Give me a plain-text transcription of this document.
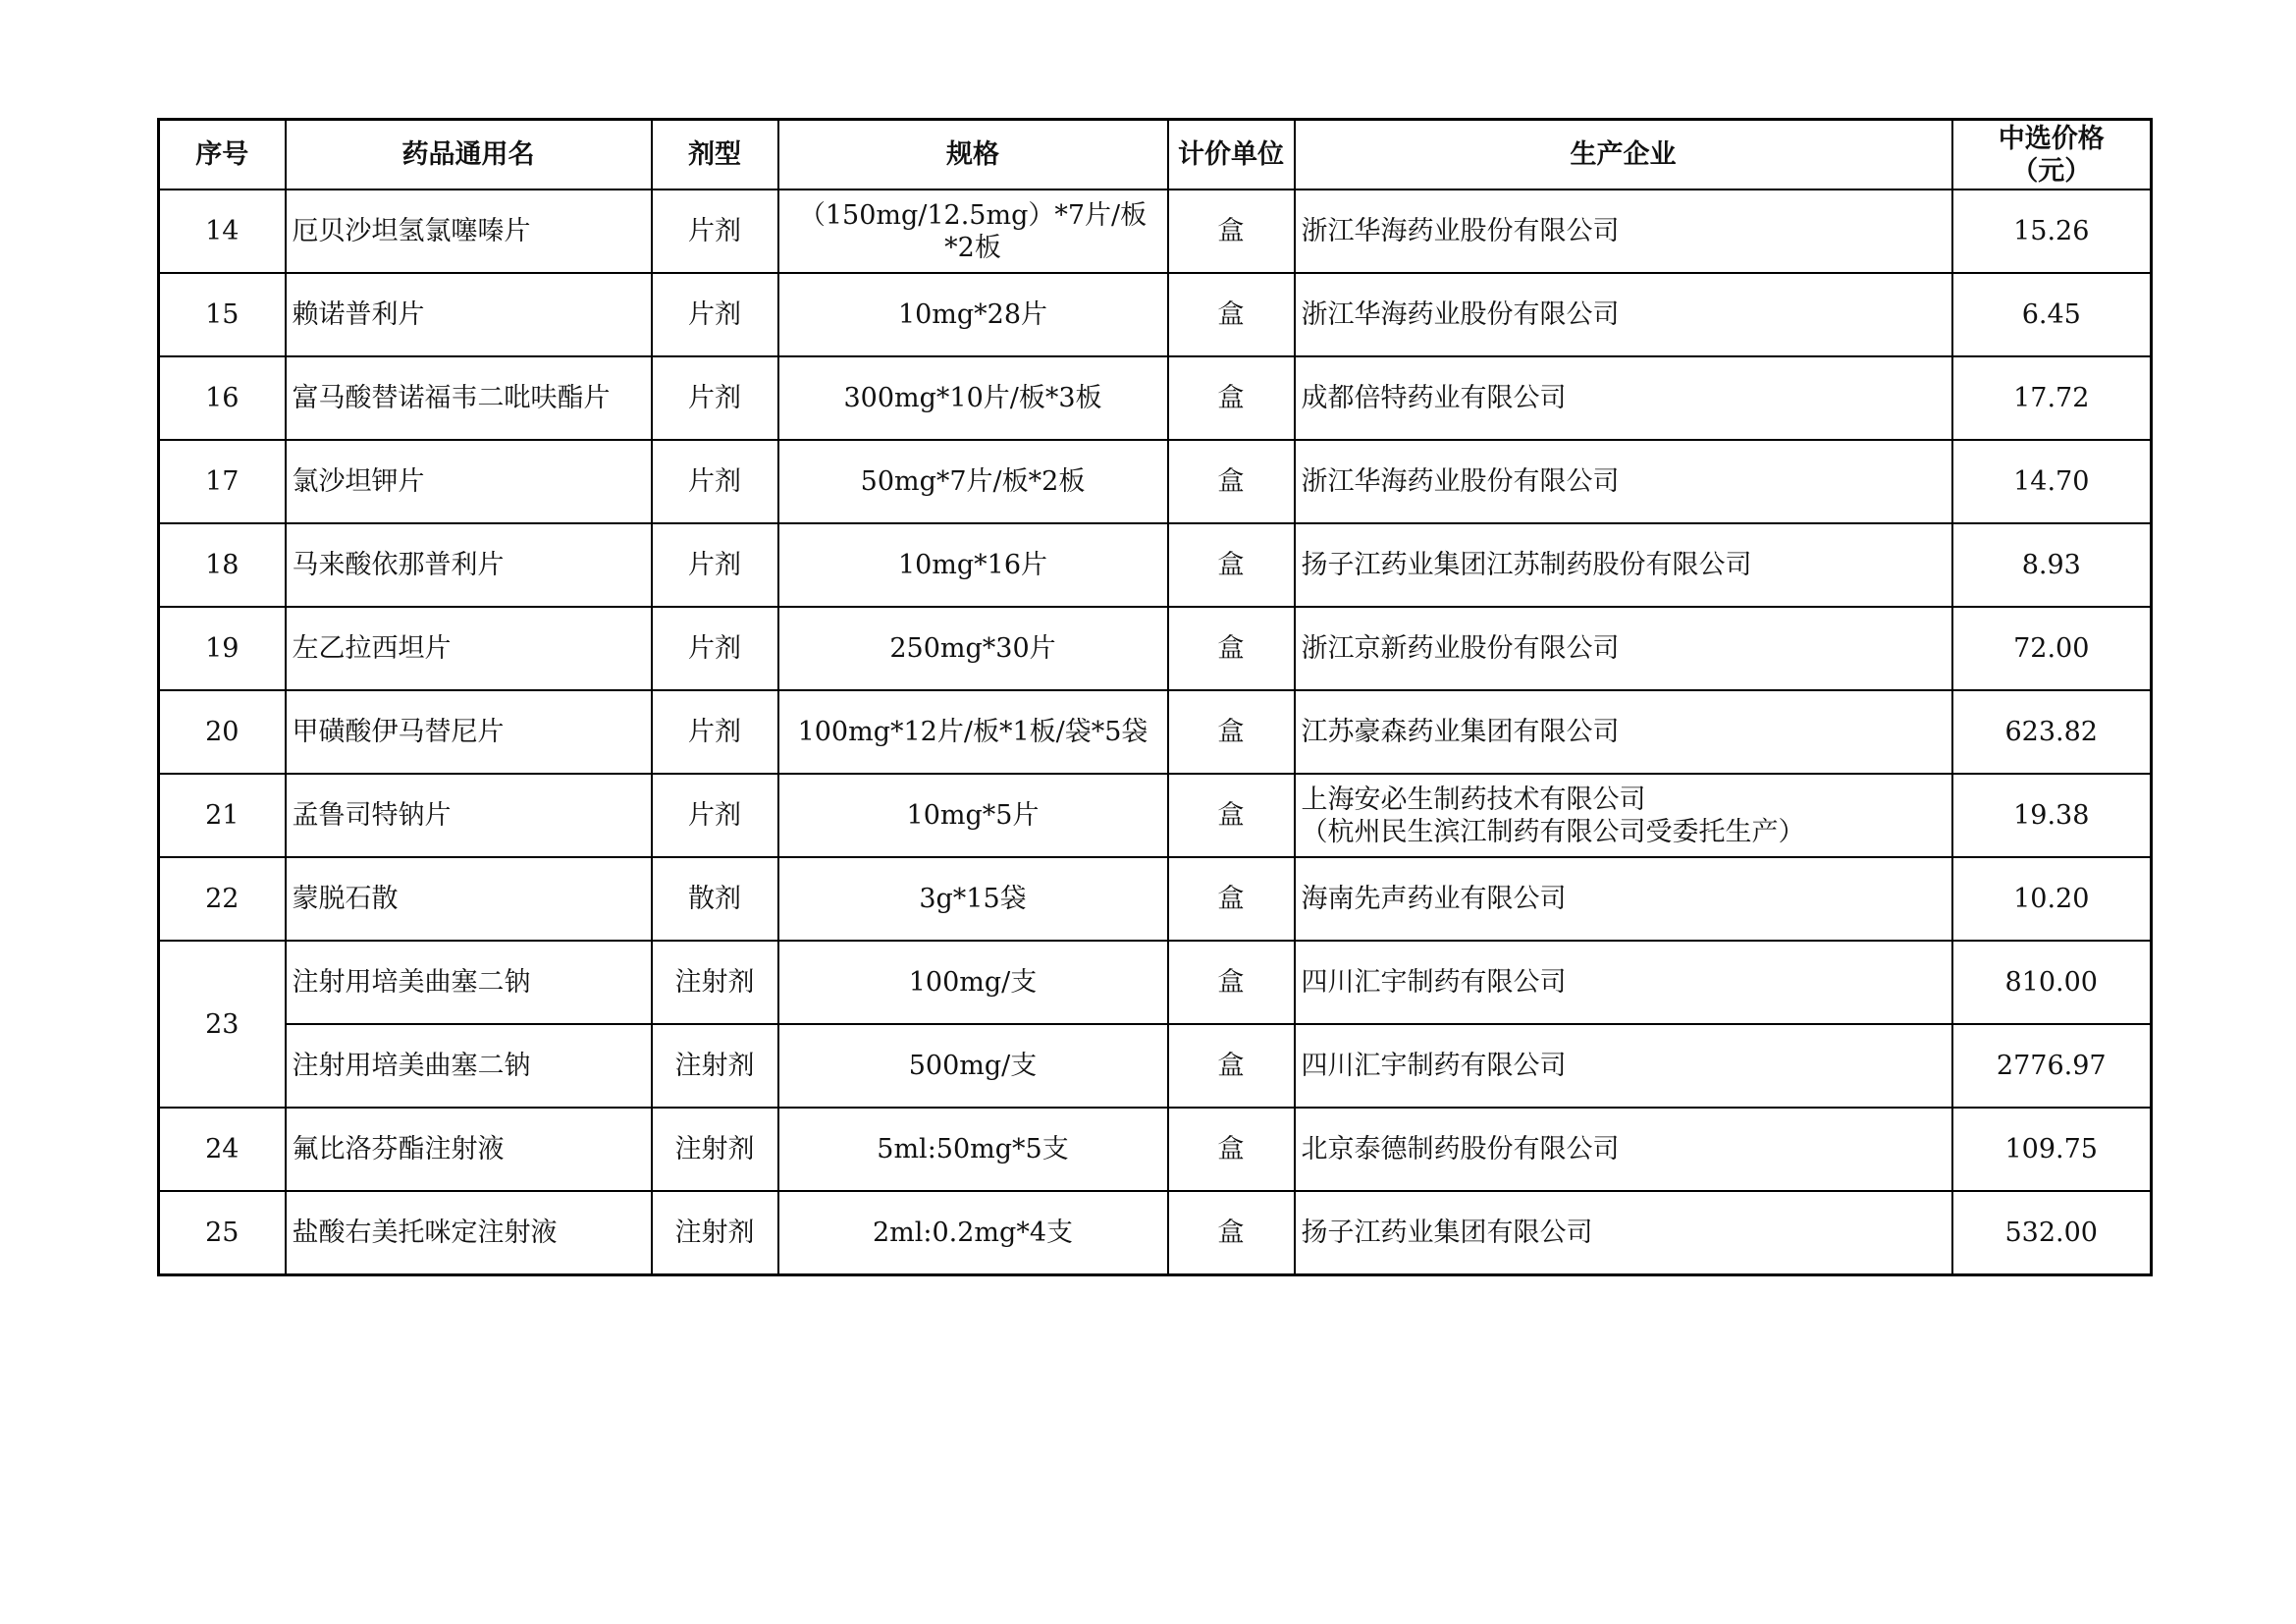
序号	药品通用名	剂型	规格	计价单位	生产企业	中选价格
（元）

14	厄贝沙坦氢氯噻嗪片	片剂	（150mg/12.5mg）*7片/板*2板	盒	浙江华海药业股份有限公司	15.26
15	赖诺普利片	片剂	10mg*28片	盒	浙江华海药业股份有限公司	6.45
16	富马酸替诺福韦二吡呋酯片	片剂	300mg*10片/板*3板	盒	成都倍特药业有限公司	17.72
17	氯沙坦钾片	片剂	50mg*7片/板*2板	盒	浙江华海药业股份有限公司	14.70
18	马来酸依那普利片	片剂	10mg*16片	盒	扬子江药业集团江苏制药股份有限公司	8.93
19	左乙拉西坦片	片剂	250mg*30片	盒	浙江京新药业股份有限公司	72.00
20	甲磺酸伊马替尼片	片剂	100mg*12片/板*1板/袋*5袋	盒	江苏豪森药业集团有限公司	623.82
21	孟鲁司特钠片	片剂	10mg*5片	盒	上海安必生制药技术有限公司
（杭州民生滨江制药有限公司受委托生产）	19.38
22	蒙脱石散	散剂	3g*15袋	盒	海南先声药业有限公司	10.20
23	注射用培美曲塞二钠	注射剂	100mg/支	盒	四川汇宇制药有限公司	810.00
	注射用培美曲塞二钠	注射剂	500mg/支	盒	四川汇宇制药有限公司	2776.97
24	氟比洛芬酯注射液	注射剂	5ml:50mg*5支	盒	北京泰德制药股份有限公司	109.75
25	盐酸右美托咪定注射液	注射剂	2ml:0.2mg*4支	盒	扬子江药业集团有限公司	532.00
